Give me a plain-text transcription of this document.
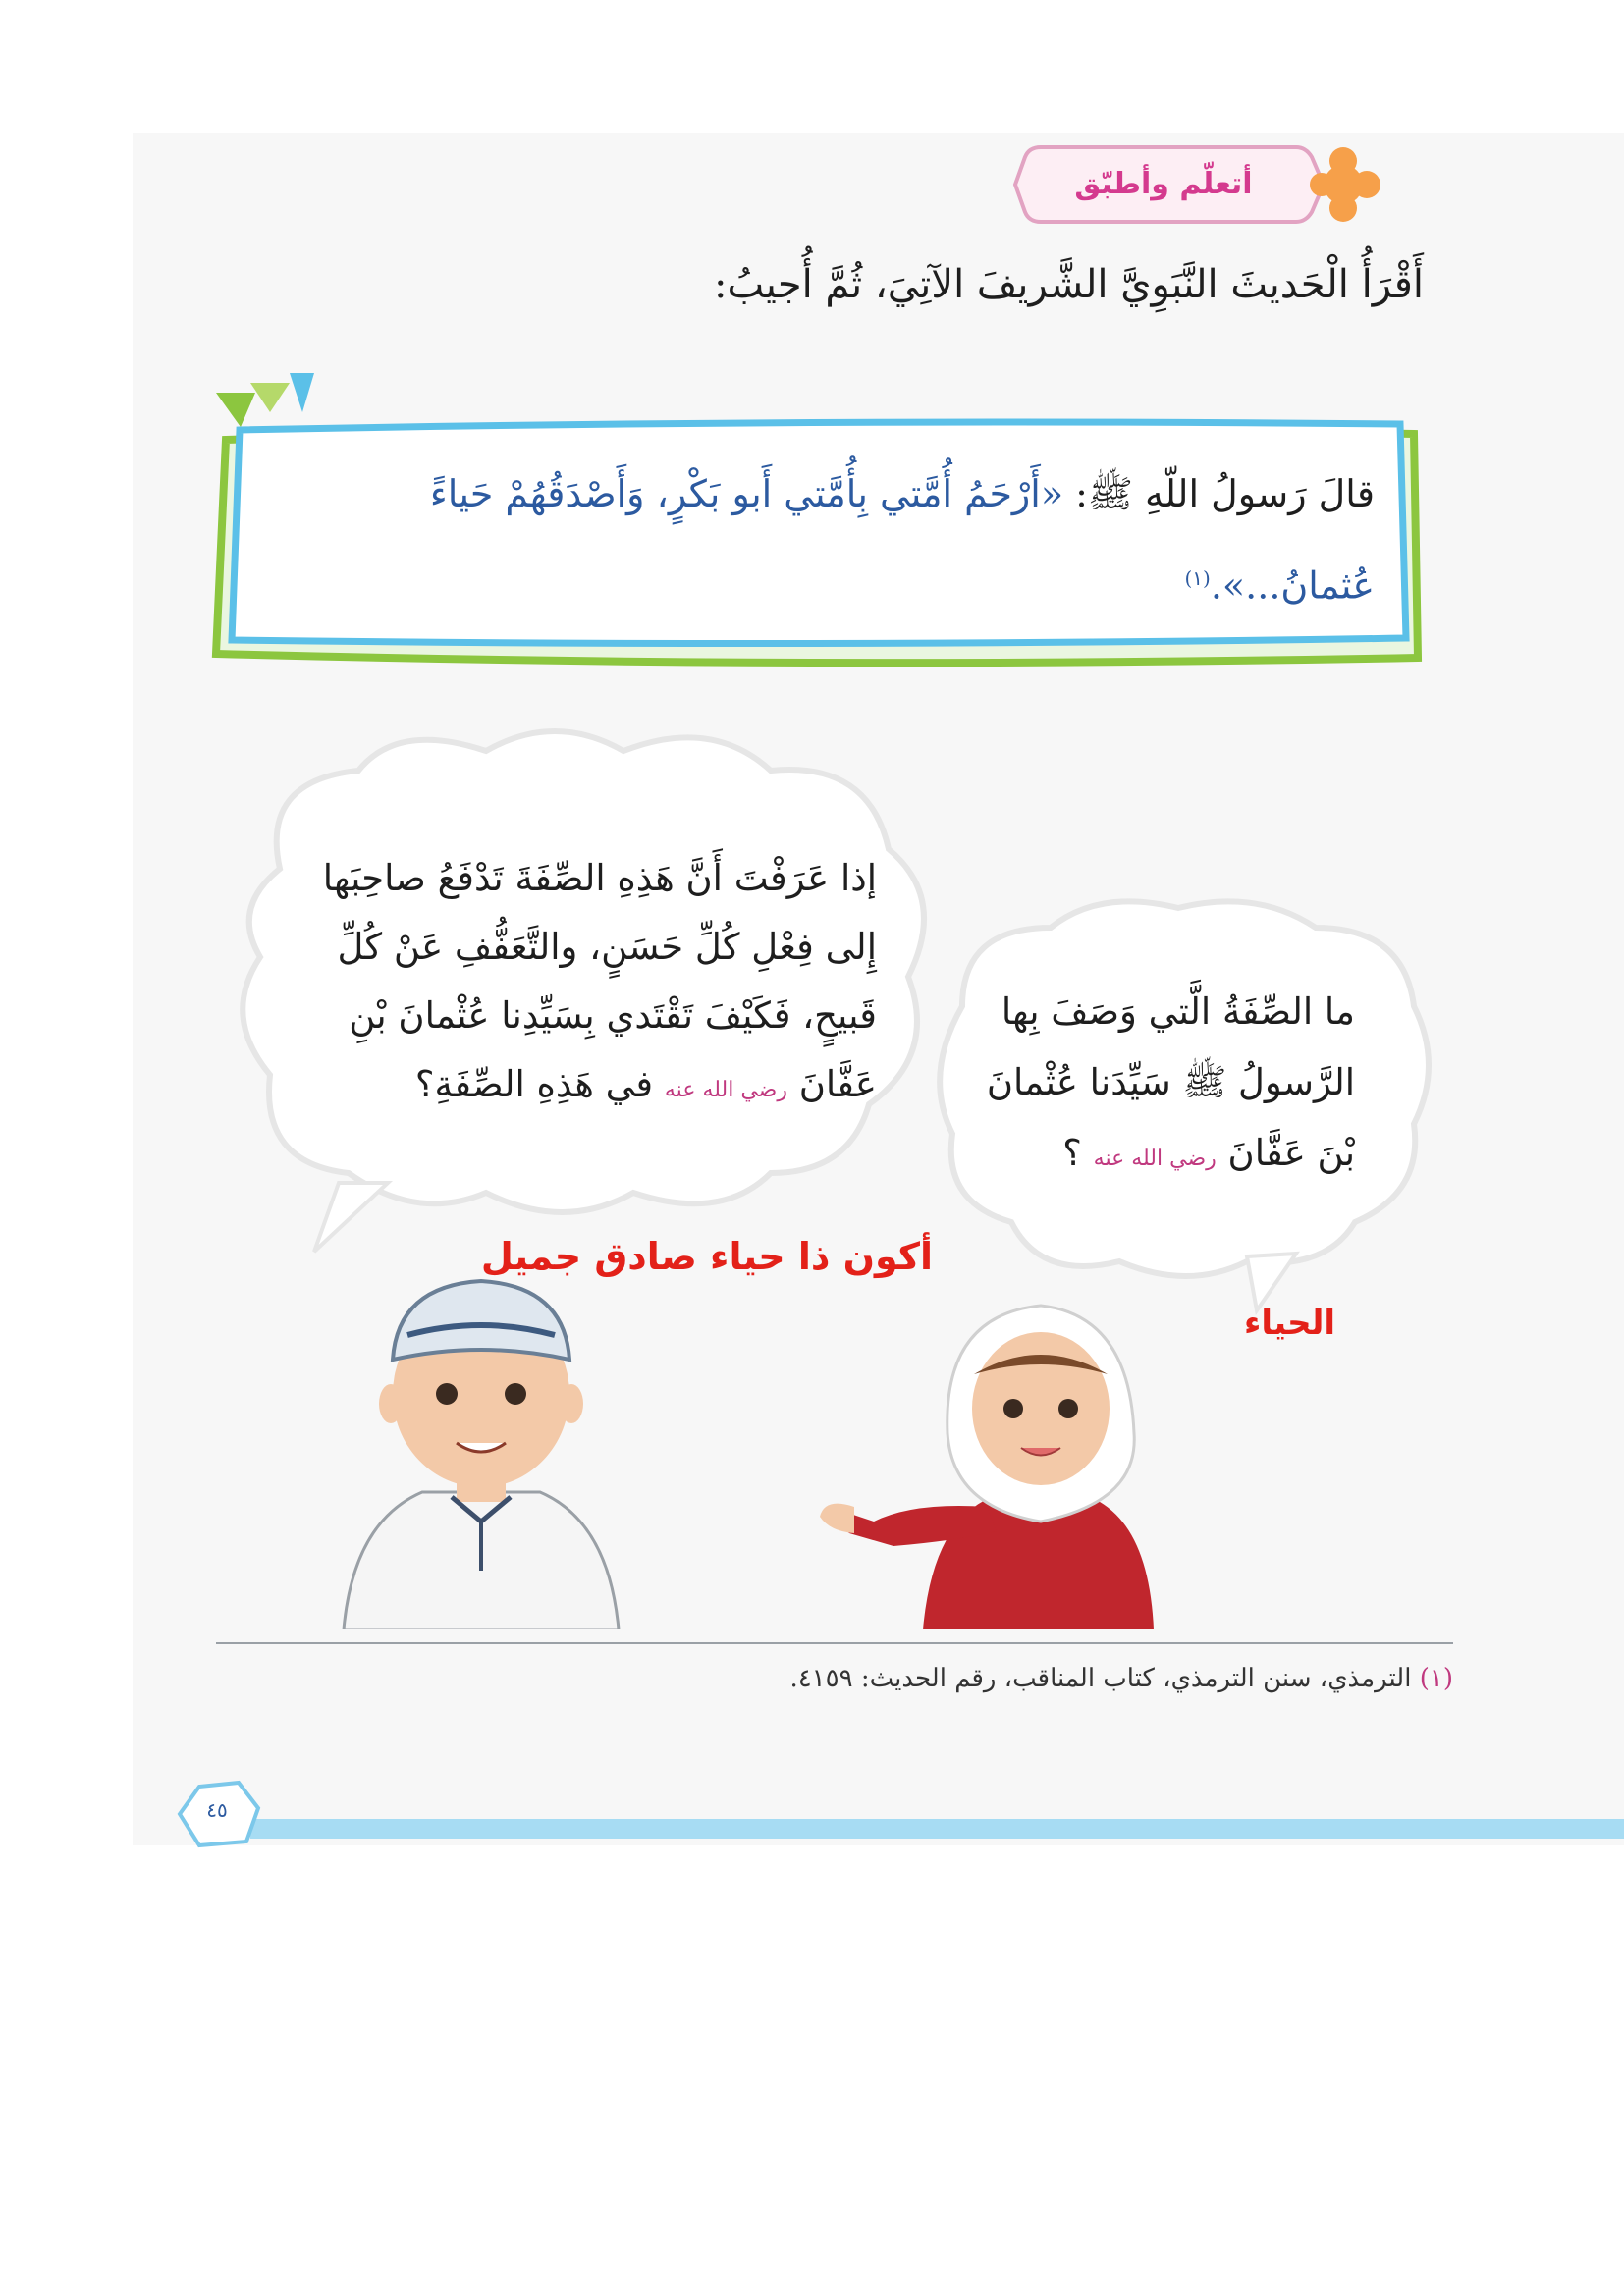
أتعلّم وأطبّق
أَقْرَأُ الْحَديثَ النَّبَوِيَّ الشَّريفَ الآتِيَ، ثُمَّ أُجيبُ:
قالَ رَسولُ اللّهِ ﷺ: «أَرْحَمُ أُمَّتي بِأُمَّتي أَبو بَكْرٍ، وَأَصْدَقُهُمْ حَياءً
عُثمانُ...».$^{(١)}$
إذا عَرَفْتَ أَنَّ هَذِهِ الصِّفَةَ تَدْفَعُ صاحِبَها
إِلى فِعْلِ كُلِّ حَسَنٍ، والتَّعَفُّفِ عَنْ كُلِّ
قَبيحٍ، فَكَيْفَ تَقْتَدي بِسَيِّدِنا عُثْمانَ بْنِ
عَفَّانَ رضي الله عنه في هَذِهِ الصِّفَةِ؟
ما الصِّفَةُ الَّتي وَصَفَ بِها
الرَّسولُ ﷺ سَيِّدَنا عُثْمانَ
بْنَ عَفَّانَ رضي الله عنه ؟
أكون ذا حياء صادق جميل
الحياء
(١) الترمذي، سنن الترمذي، كتاب المناقب، رقم الحديث: ٤١٥٩.
٤٥
